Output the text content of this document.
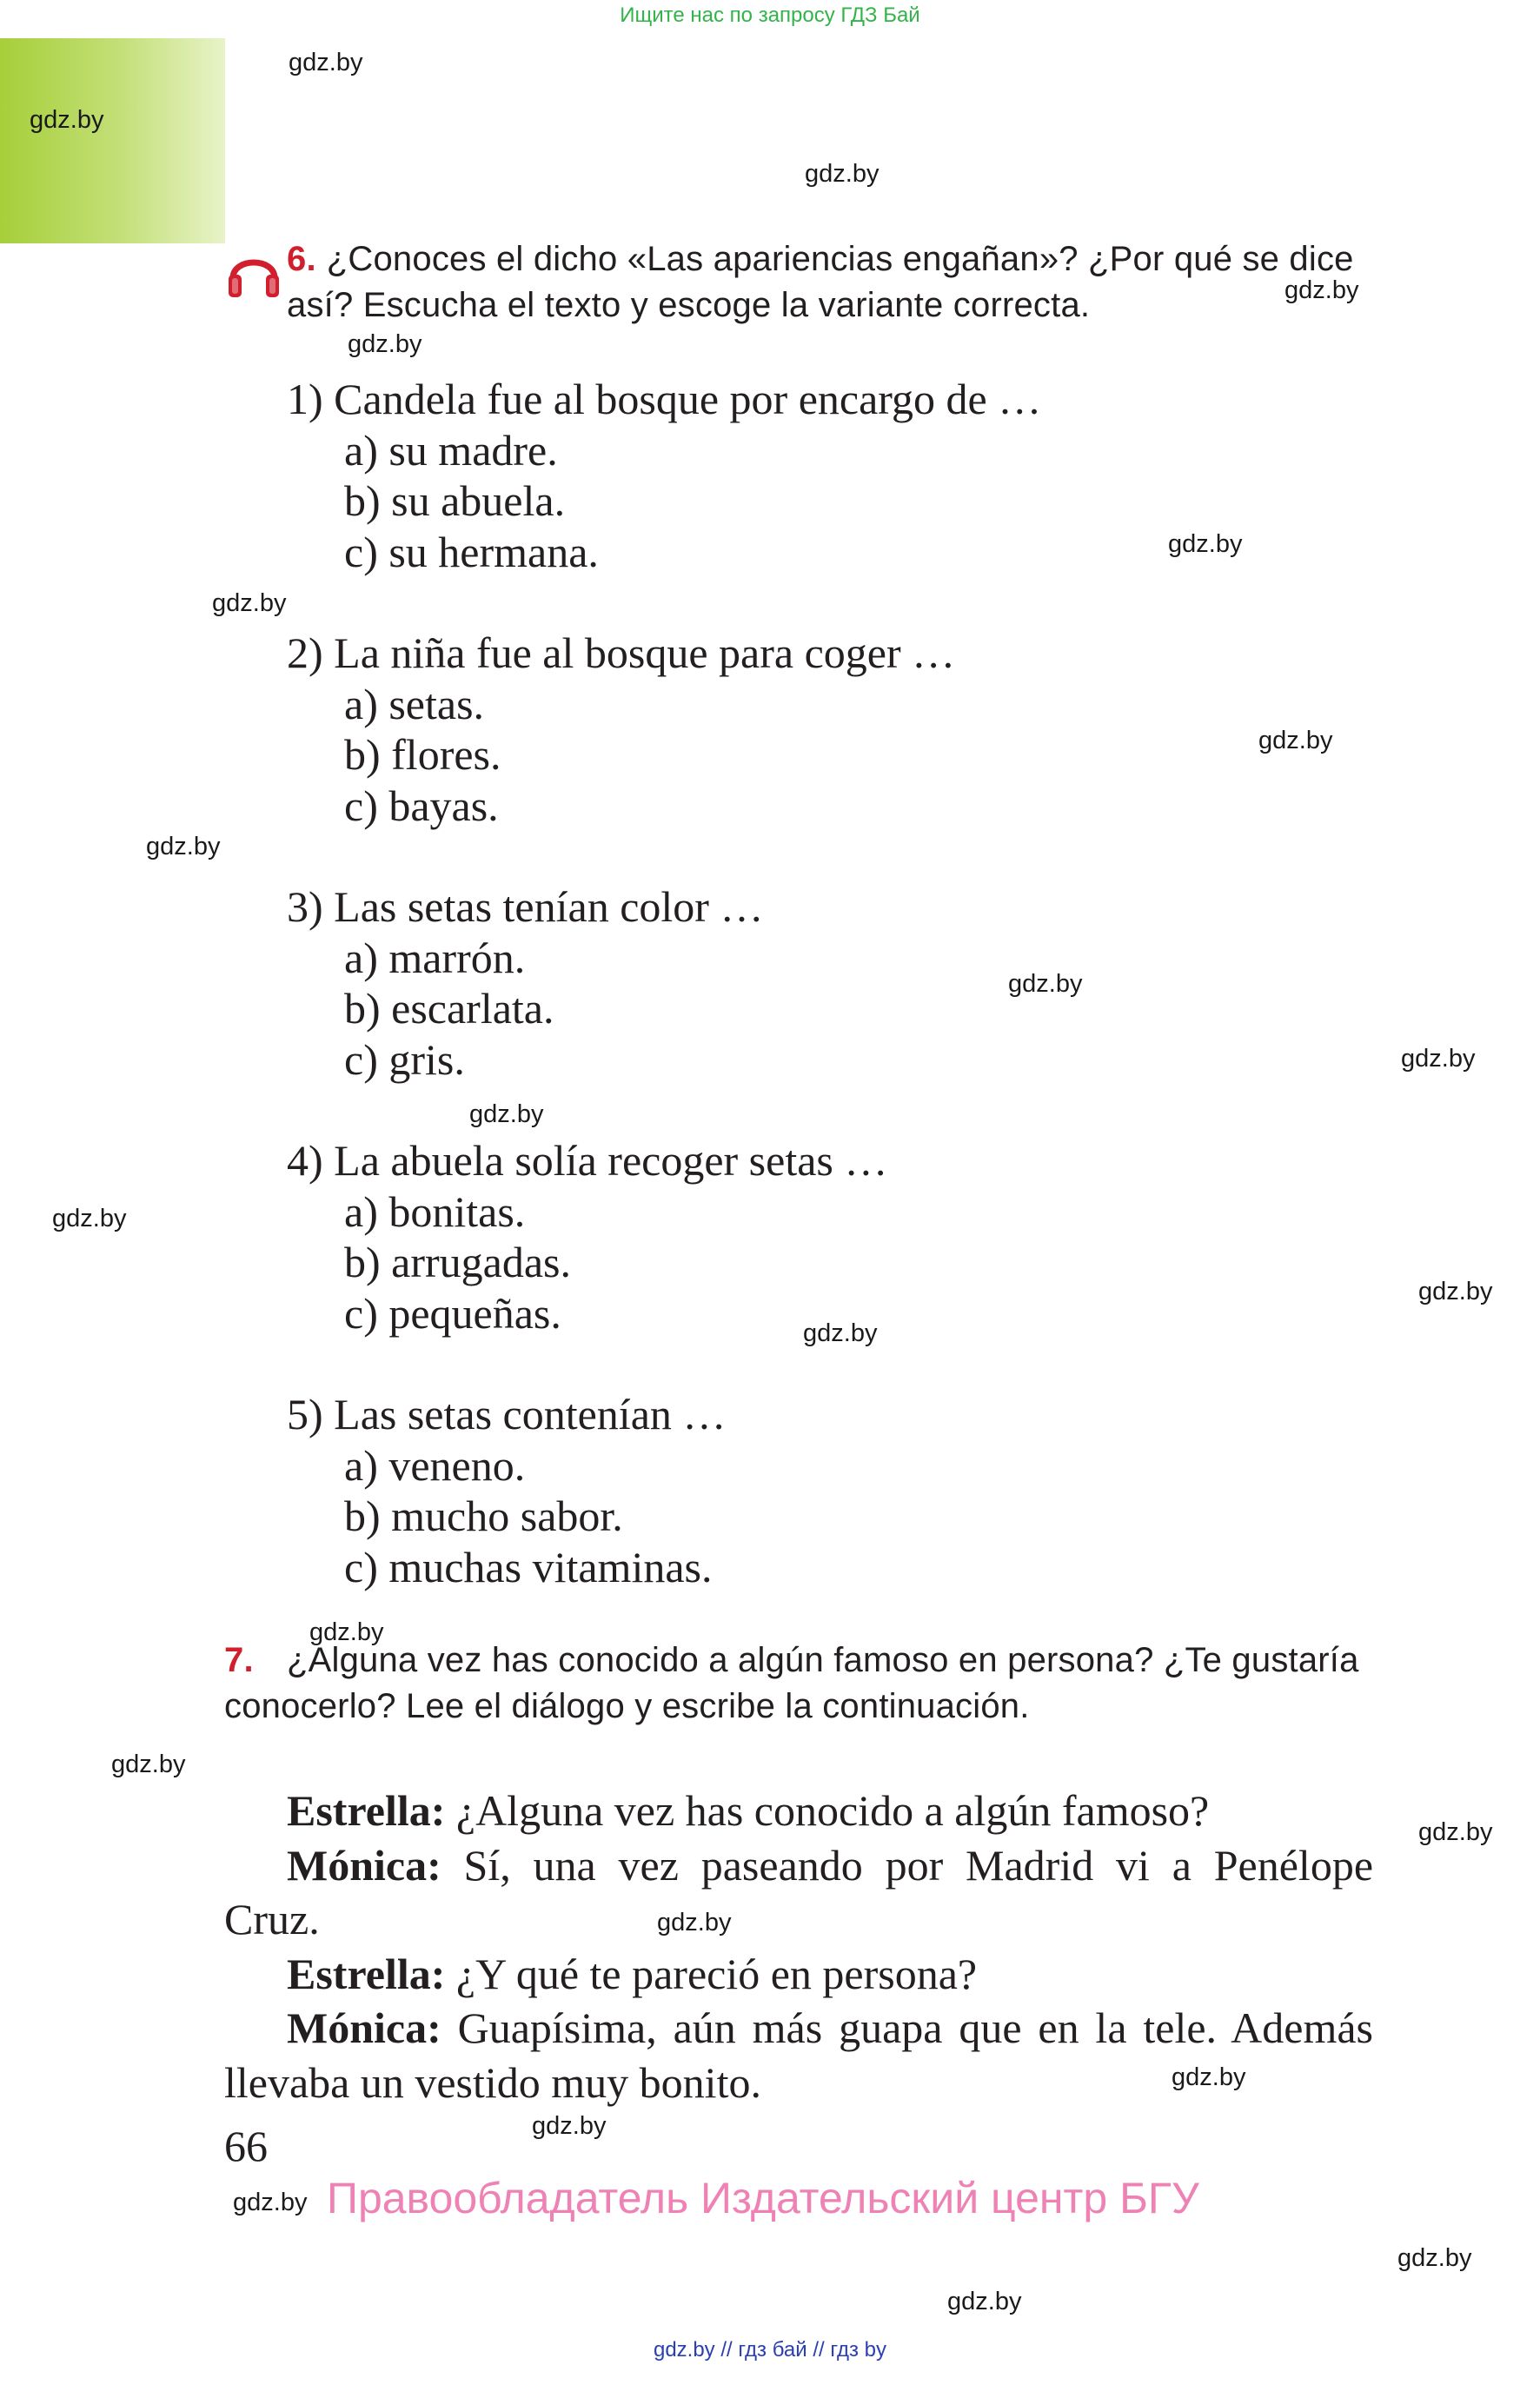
Ищите нас по запросу ГДЗ Бай
gdz.by
gdz.by
gdz.by
gdz.by
gdz.by
gdz.by
gdz.by
gdz.by
gdz.by
gdz.by
gdz.by
gdz.by
gdz.by
gdz.by
gdz.by
gdz.by
gdz.by
gdz.by
gdz.by
gdz.by
gdz.by
gdz.by
gdz.by
gdz.by
6. ¿Conoces el dicho «Las apariencias engañan»? ¿Por qué se dice así? Escucha el texto y escoge la variante correcta.

1) Candela fue al bosque por encargo de …

a) su madre.

b) su abuela.

c) su hermana.

2) La niña fue al bosque para coger …

a) setas.

b) flores.

c) bayas.

3) Las setas tenían color …

a) marrón.

b) escarlata.

c) gris.

4) La abuela solía recoger setas …

a) bonitas.

b) arrugadas.

c) pequeñas.

5) Las setas contenían …

a) veneno.

b) mucho sabor.

c) muchas vitaminas.

7. ¿Alguna vez has conocido a algún famoso en persona? ¿Te gustaría conocerlo? Lee el diálogo y escribe la continuación.

Estrella: ¿Alguna vez has conocido a algún famoso?

Mónica: Sí, una vez paseando por Madrid vi a Penélope Cruz.

Estrella: ¿Y qué te pareció en persona?

Mónica: Guapísima, aún más guapa que en la tele. Además llevaba un vestido muy bonito.

66
Правообладатель Издательский центр БГУ
gdz.by // гдз бай // гдз by
